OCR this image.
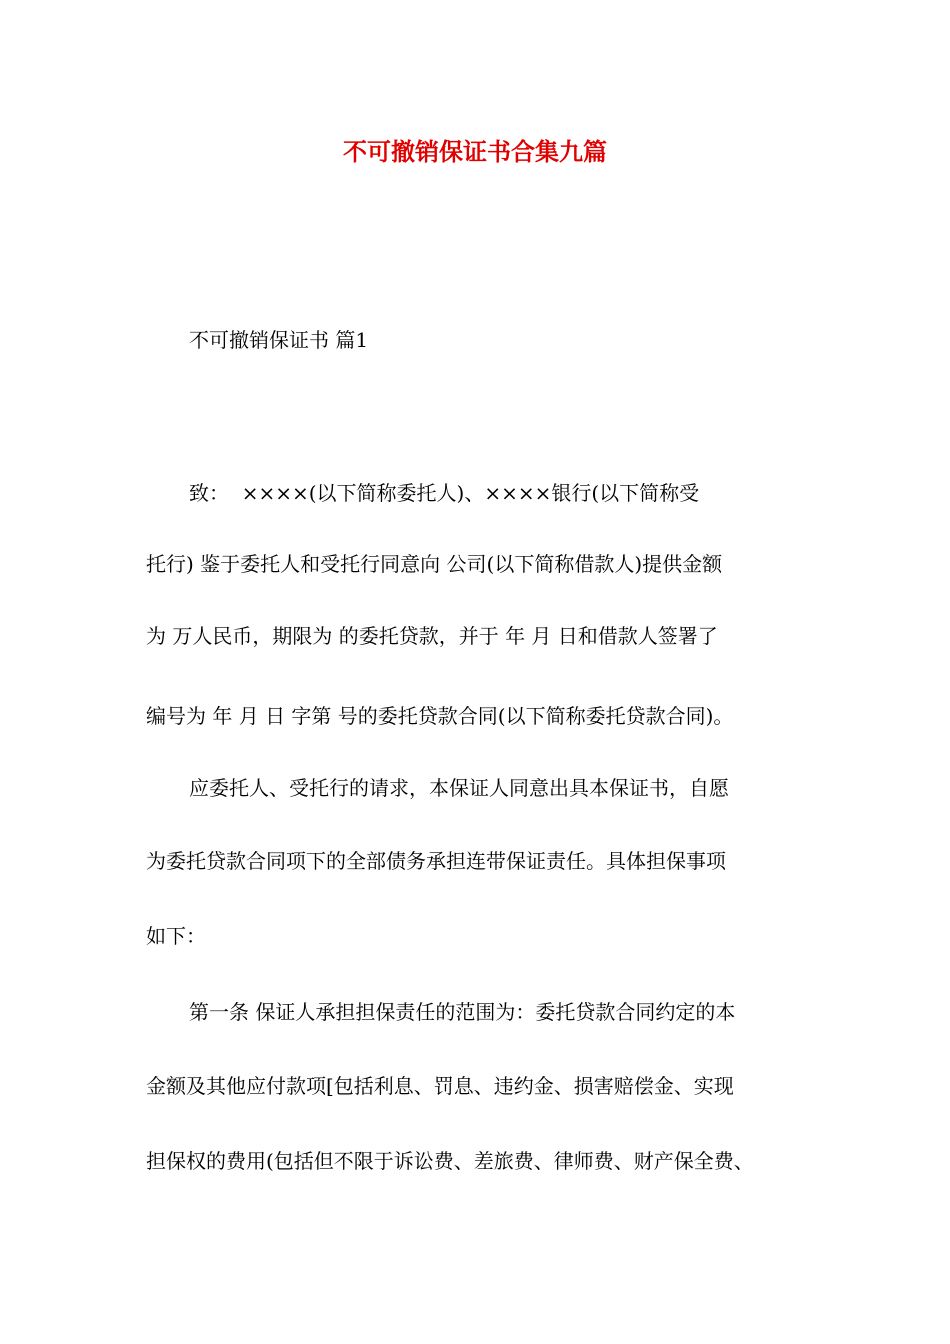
不可撤销保证书合集九篇
不可撤销保证书 篇1
致：  ××××(以下简称委托人)、××××银行(以下简称受
托行) 鉴于委托人和受托行同意向 公司(以下简称借款人)提供金额
为 万人民币，期限为 的委托贷款，并于 年 月 日和借款人签署了
编号为 年 月 日 字第 号的委托贷款合同(以下简称委托贷款合同)。
应委托人、受托行的请求，本保证人同意出具本保证书，自愿
为委托贷款合同项下的全部债务承担连带保证责任。具体担保事项
如下：
第一条 保证人承担担保责任的范围为：委托贷款合同约定的本
金额及其他应付款项[包括利息、罚息、违约金、损害赔偿金、实现
担保权的费用(包括但不限于诉讼费、差旅费、律师费、财产保全费、
